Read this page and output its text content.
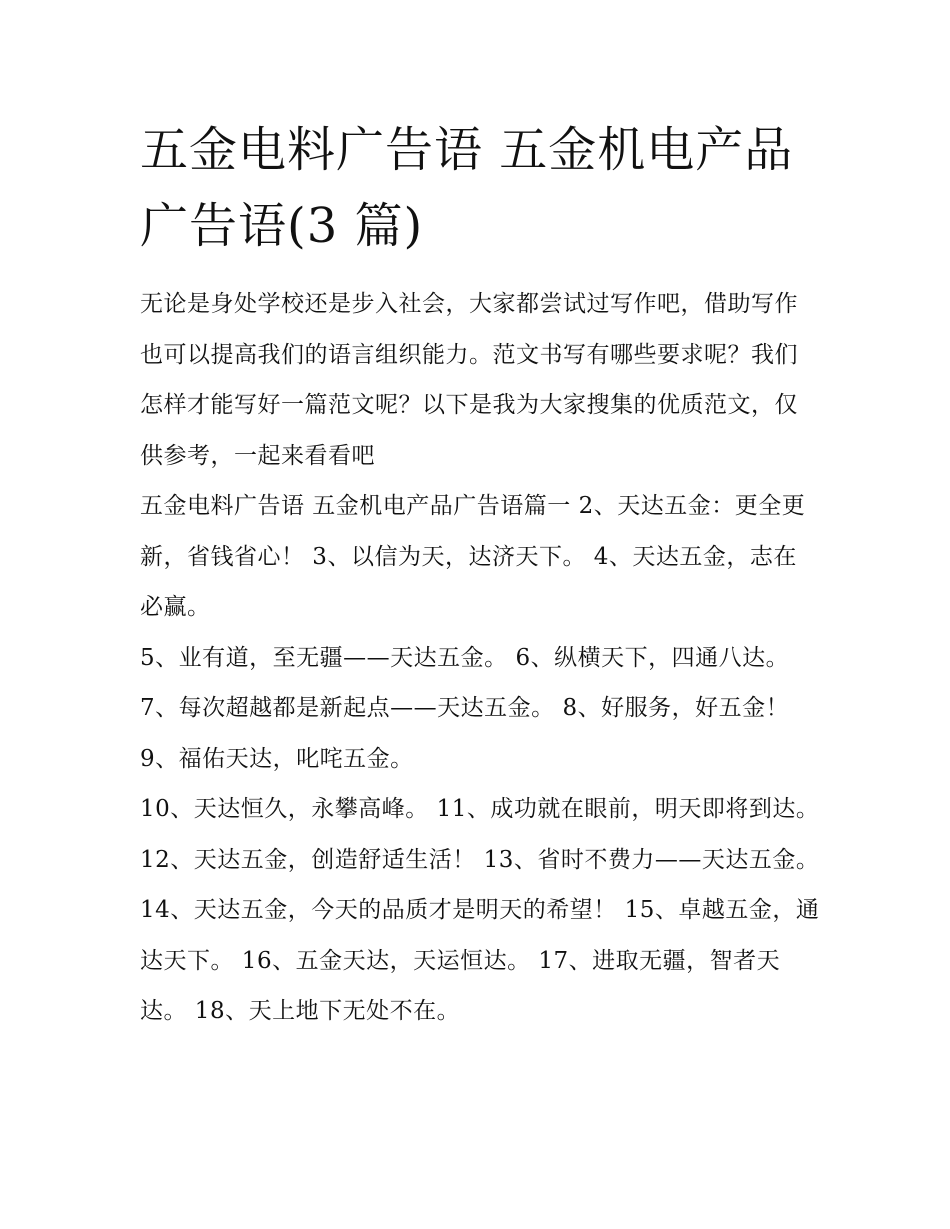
五金电料广告语 五金机电产品广告语(3 篇)

无论是身处学校还是步入社会，大家都尝试过写作吧，借助写作也可以提高我们的语言组织能力。范文书写有哪些要求呢？我们怎样才能写好一篇范文呢？以下是我为大家搜集的优质范文，仅供参考，一起来看看吧

五金电料广告语 五金机电产品广告语篇一 2、天达五金：更全更新，省钱省心！ 3、以信为天，达济天下。 4、天达五金，志在必赢。

5、业有道，至无疆——天达五金。 6、纵横天下，四通八达。 7、每次超越都是新起点——天达五金。 8、好服务，好五金！ 9、福佑天达，叱咤五金。

10、天达恒久，永攀高峰。 11、成功就在眼前，明天即将到达。 12、天达五金，创造舒适生活！ 13、省时不费力——天达五金。

14、天达五金，今天的品质才是明天的希望！ 15、卓越五金，通达天下。 16、五金天达，天运恒达。 17、进取无疆，智者天达。 18、天上地下无处不在。
